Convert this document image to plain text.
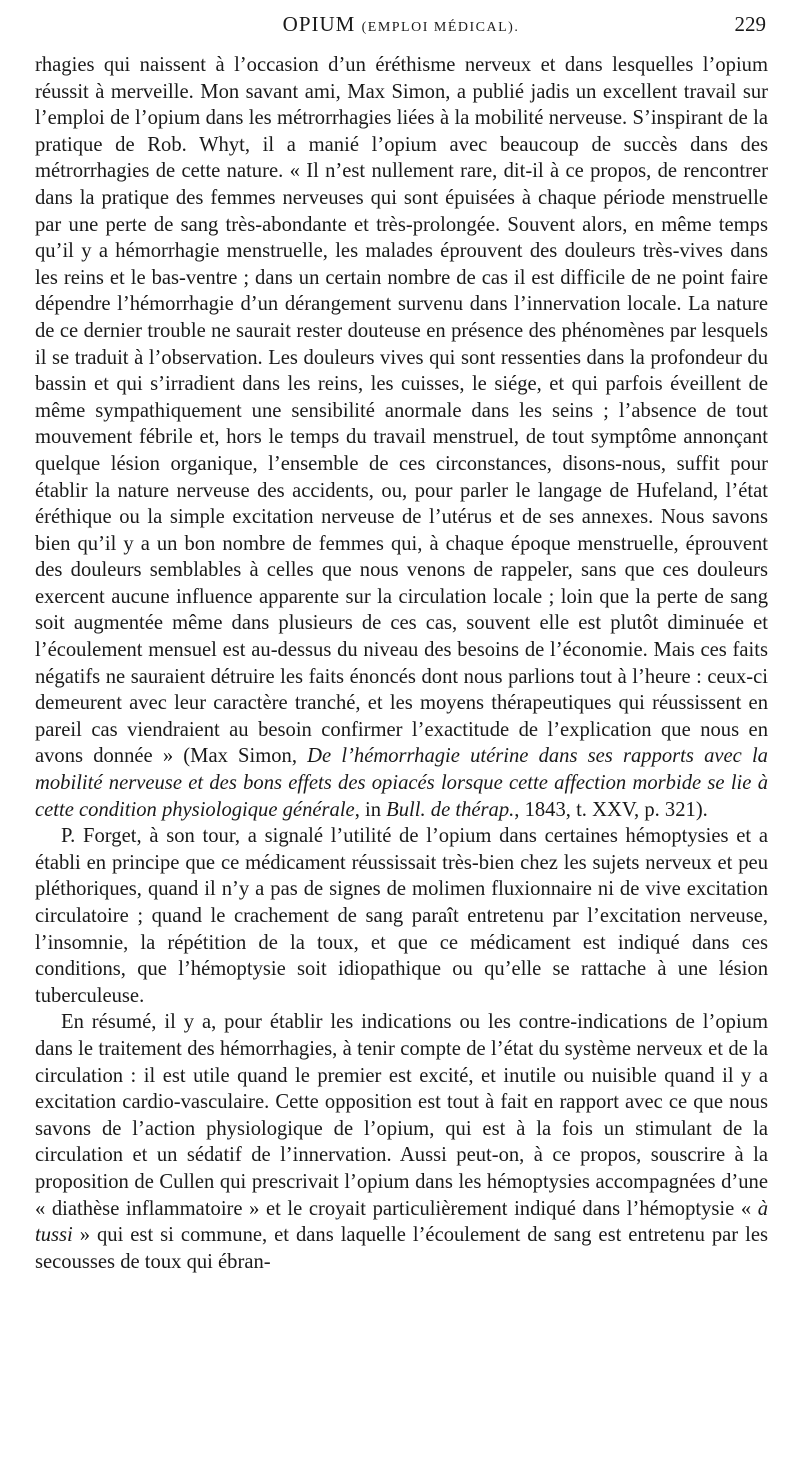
OPIUM (EMPLOI MÉDICAL).	229

rhagies qui naissent à l’occasion d’un éréthisme nerveux et dans lesquelles l’opium réussit à merveille. Mon savant ami, Max Simon, a publié jadis un excellent travail sur l’emploi de l’opium dans les métrorrhagies liées à la mobilité nerveuse. S’inspirant de la pratique de Rob. Whyt, il a manié l’opium avec beaucoup de succès dans des métrorrhagies de cette nature. « Il n’est nullement rare, dit-il à ce propos, de rencontrer dans la pratique des femmes nerveuses qui sont épuisées à chaque période menstruelle par une perte de sang très-abondante et très-prolongée. Souvent alors, en même temps qu’il y a hémorrhagie menstruelle, les malades éprouvent des douleurs très-vives dans les reins et le bas-ventre ; dans un certain nombre de cas il est difficile de ne point faire dépendre l’hémorrhagie d’un dérangement survenu dans l’innervation locale. La nature de ce dernier trouble ne saurait rester douteuse en présence des phénomènes par lesquels il se traduit à l’observation. Les douleurs vives qui sont ressenties dans la profondeur du bassin et qui s’irradient dans les reins, les cuisses, le siége, et qui parfois éveillent de même sympathiquement une sensibilité anormale dans les seins ; l’absence de tout mouvement fébrile et, hors le temps du travail menstruel, de tout symptôme annonçant quelque lésion organique, l’ensemble de ces circonstances, disons-nous, suffit pour établir la nature nerveuse des accidents, ou, pour parler le langage de Hufeland, l’état éréthique ou la simple excitation nerveuse de l’utérus et de ses annexes. Nous savons bien qu’il y a un bon nombre de femmes qui, à chaque époque menstruelle, éprouvent des douleurs semblables à celles que nous venons de rappeler, sans que ces douleurs exercent aucune influence apparente sur la circulation locale ; loin que la perte de sang soit augmentée même dans plusieurs de ces cas, souvent elle est plutôt diminuée et l’écoulement mensuel est au-dessus du niveau des besoins de l’économie. Mais ces faits négatifs ne sauraient détruire les faits énoncés dont nous parlions tout à l’heure : ceux-ci demeurent avec leur caractère tranché, et les moyens thérapeutiques qui réussissent en pareil cas viendraient au besoin confirmer l’exactitude de l’explication que nous en avons donnée » (Max Simon, De l’hémorrhagie utérine dans ses rapports avec la mobilité nerveuse et des bons effets des opiacés lorsque cette affection morbide se lie à cette condition physiologique générale, in Bull. de thérap., 1843, t. XXV, p. 321).

P. Forget, à son tour, a signalé l’utilité de l’opium dans certaines hémoptysies et a établi en principe que ce médicament réussissait très-bien chez les sujets nerveux et peu pléthoriques, quand il n’y a pas de signes de molimen fluxionnaire ni de vive excitation circulatoire ; quand le crachement de sang paraît entretenu par l’excitation nerveuse, l’insomnie, la répétition de la toux, et que ce médicament est indiqué dans ces conditions, que l’hémoptysie soit idiopathique ou qu’elle se rattache à une lésion tuberculeuse.

En résumé, il y a, pour établir les indications ou les contre-indications de l’opium dans le traitement des hémorrhagies, à tenir compte de l’état du système nerveux et de la circulation : il est utile quand le premier est excité, et inutile ou nuisible quand il y a excitation cardio-vasculaire. Cette opposition est tout à fait en rapport avec ce que nous savons de l’action physiologique de l’opium, qui est à la fois un stimulant de la circulation et un sédatif de l’innervation. Aussi peut-on, à ce propos, souscrire à la proposition de Cullen qui prescrivait l’opium dans les hémoptysies accompagnées d’une « diathèse inflammatoire » et le croyait particulièrement indiqué dans l’hémoptysie « à tussi » qui est si commune, et dans laquelle l’écoulement de sang est entretenu par les secousses de toux qui ébran-
